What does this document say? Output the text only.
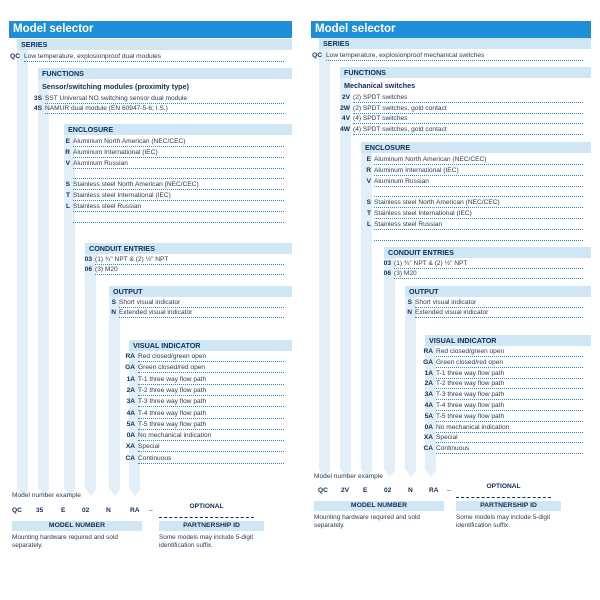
Model selector
SERIES
FUNCTIONS
ENCLOSURE
CONDUIT ENTRIES
OUTPUT
VISUAL INDICATOR
Sensor/switching modules (proximity type)
QC Low temperature, explosionproof dual modules
3S SST Universal NO switching sensor dual module
4S NAMUR dual module (EN 60947-5-6; I.S.)
E Aluminum North American (NEC/CEC)
R Aluminum International (IEC)
V Aluminum Russian
S Stainless steel North American (NEC/CEC)
T Stainless steel International (IEC)
L Stainless steel Russian
03 (1) ¾" NPT & (2) ½" NPT
06 (3) M20
S Short visual indicator
N Extended visual indicator
RA Red closed/green open
GA Green closed/red open
1A T-1 three way flow path
2A T-2 three way flow path
3A T-3 three way flow path
4A T-4 three way flow path
5A T-5 three way flow path
0A No mechanical indication
XA Special
CA Continuous
Model number example
QC 35	E	02	N	RA –
OPTIONAL
MODEL NUMBER
Mounting hardware required and sold separately.
PARTNERSHIP ID
Some models may include 5-digit identification suffix.
Model selector
SERIES
FUNCTIONS
ENCLOSURE
CONDUIT ENTRIES
OUTPUT
VISUAL INDICATOR
Mechanical switches
QC Low temperature, explosionproof mechanical switches
2V (2) SPDT switches
2W (2) SPDT switches, gold contact
4V (4) SPDT switches
4W (4) SPDT switches, gold contact
E Aluminum North American (NEC/CEC)
R Aluminum International (IEC)
V Aluminum Russian
S Stainless steel North American (NEC/CEC)
T Stainless steel International (IEC)
L Stainless steel Russian
03 (1) ¾" NPT & (2) ½" NPT
06 (3) M20
S Short visual indicator
N Extended visual indicator
RA Red closed/green open
GA Green closed/red open
1A T-1 three way flow path
2A T-2 three way flow path
3A T-3 three way flow path
4A T-4 three way flow path
5A T-5 three way flow path
0A No mechanical indication
XA Special
CA Continuous
Model number example
QC 2V E	02	N RA –
OPTIONAL
MODEL NUMBER
Mounting hardware required and sold separately.
PARTNERSHIP ID
Some models may include 5-digit identification suffix.
